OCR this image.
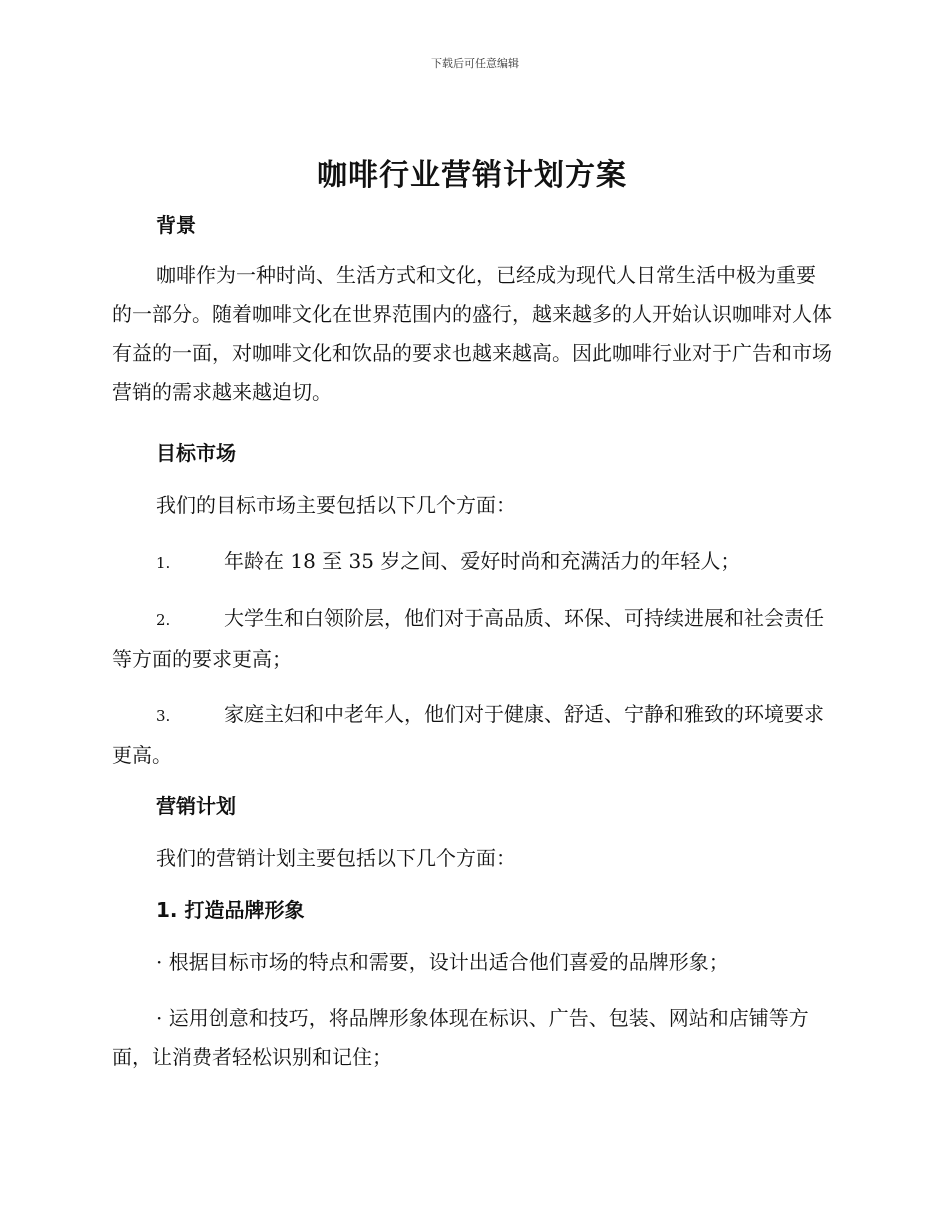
下载后可任意编辑
咖啡行业营销计划方案
背景

咖啡作为一种时尚、生活方式和文化，已经成为现代人日常生活中极为重要的一部分。随着咖啡文化在世界范围内的盛行，越来越多的人开始认识咖啡对人体有益的一面，对咖啡文化和饮品的要求也越来越高。因此咖啡行业对于广告和市场营销的需求越来越迫切。

目标市场

我们的目标市场主要包括以下几个方面：

1.	年龄在 18 至 35 岁之间、爱好时尚和充满活力的年轻人；

2.	大学生和白领阶层，他们对于高品质、环保、可持续进展和社会责任等方面的要求更高；

3.	家庭主妇和中老年人，他们对于健康、舒适、宁静和雅致的环境要求更高。

营销计划

我们的营销计划主要包括以下几个方面：

1. 打造品牌形象

· 根据目标市场的特点和需要，设计出适合他们喜爱的品牌形象；

· 运用创意和技巧，将品牌形象体现在标识、广告、包装、网站和店铺等方面，让消费者轻松识别和记住；
